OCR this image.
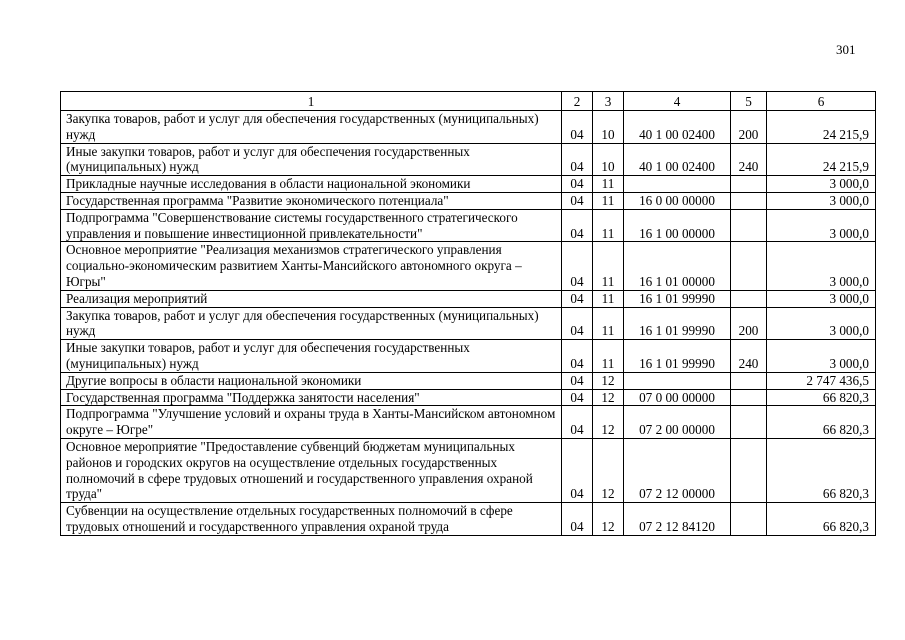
301
1	2	3	4	5	6
Закупка товаров, работ и услуг для обеспечения государственных (муниципальных) нужд	04	10	40 1 00 02400	200	24 215,9
Иные закупки товаров, работ и услуг для обеспечения государственных (муниципальных) нужд	04	10	40 1 00 02400	240	24 215,9
Прикладные научные исследования в области национальной экономики	04	11			3 000,0
Государственная программа "Развитие экономического потенциала"	04	11	16 0 00 00000		3 000,0
Подпрограмма "Совершенствование системы государственного стратегического управления и повышение инвестиционной привлекательности"	04	11	16 1 00 00000		3 000,0
Основное мероприятие "Реализация механизмов стратегического управления социально-экономическим развитием Ханты-Мансийского автономного округа – Югры"	04	11	16 1 01 00000		3 000,0
Реализация мероприятий	04	11	16 1 01 99990		3 000,0
Закупка товаров, работ и услуг для обеспечения государственных (муниципальных) нужд	04	11	16 1 01 99990	200	3 000,0
Иные закупки товаров, работ и услуг для обеспечения государственных (муниципальных) нужд	04	11	16 1 01 99990	240	3 000,0
Другие вопросы в области национальной экономики	04	12			2 747 436,5
Государственная программа "Поддержка занятости населения"	04	12	07 0 00 00000		66 820,3
Подпрограмма "Улучшение условий и охраны труда в Ханты-Мансийском автономном округе – Югре"	04	12	07 2 00 00000		66 820,3
Основное мероприятие "Предоставление субвенций бюджетам муниципальных районов и городских округов на осуществление отдельных государственных полномочий в сфере трудовых отношений и государственного управления охраной труда"	04	12	07 2 12 00000		66 820,3
Субвенции на осуществление отдельных государственных полномочий в сфере трудовых отношений и государственного управления охраной труда	04	12	07 2 12 84120		66 820,3
